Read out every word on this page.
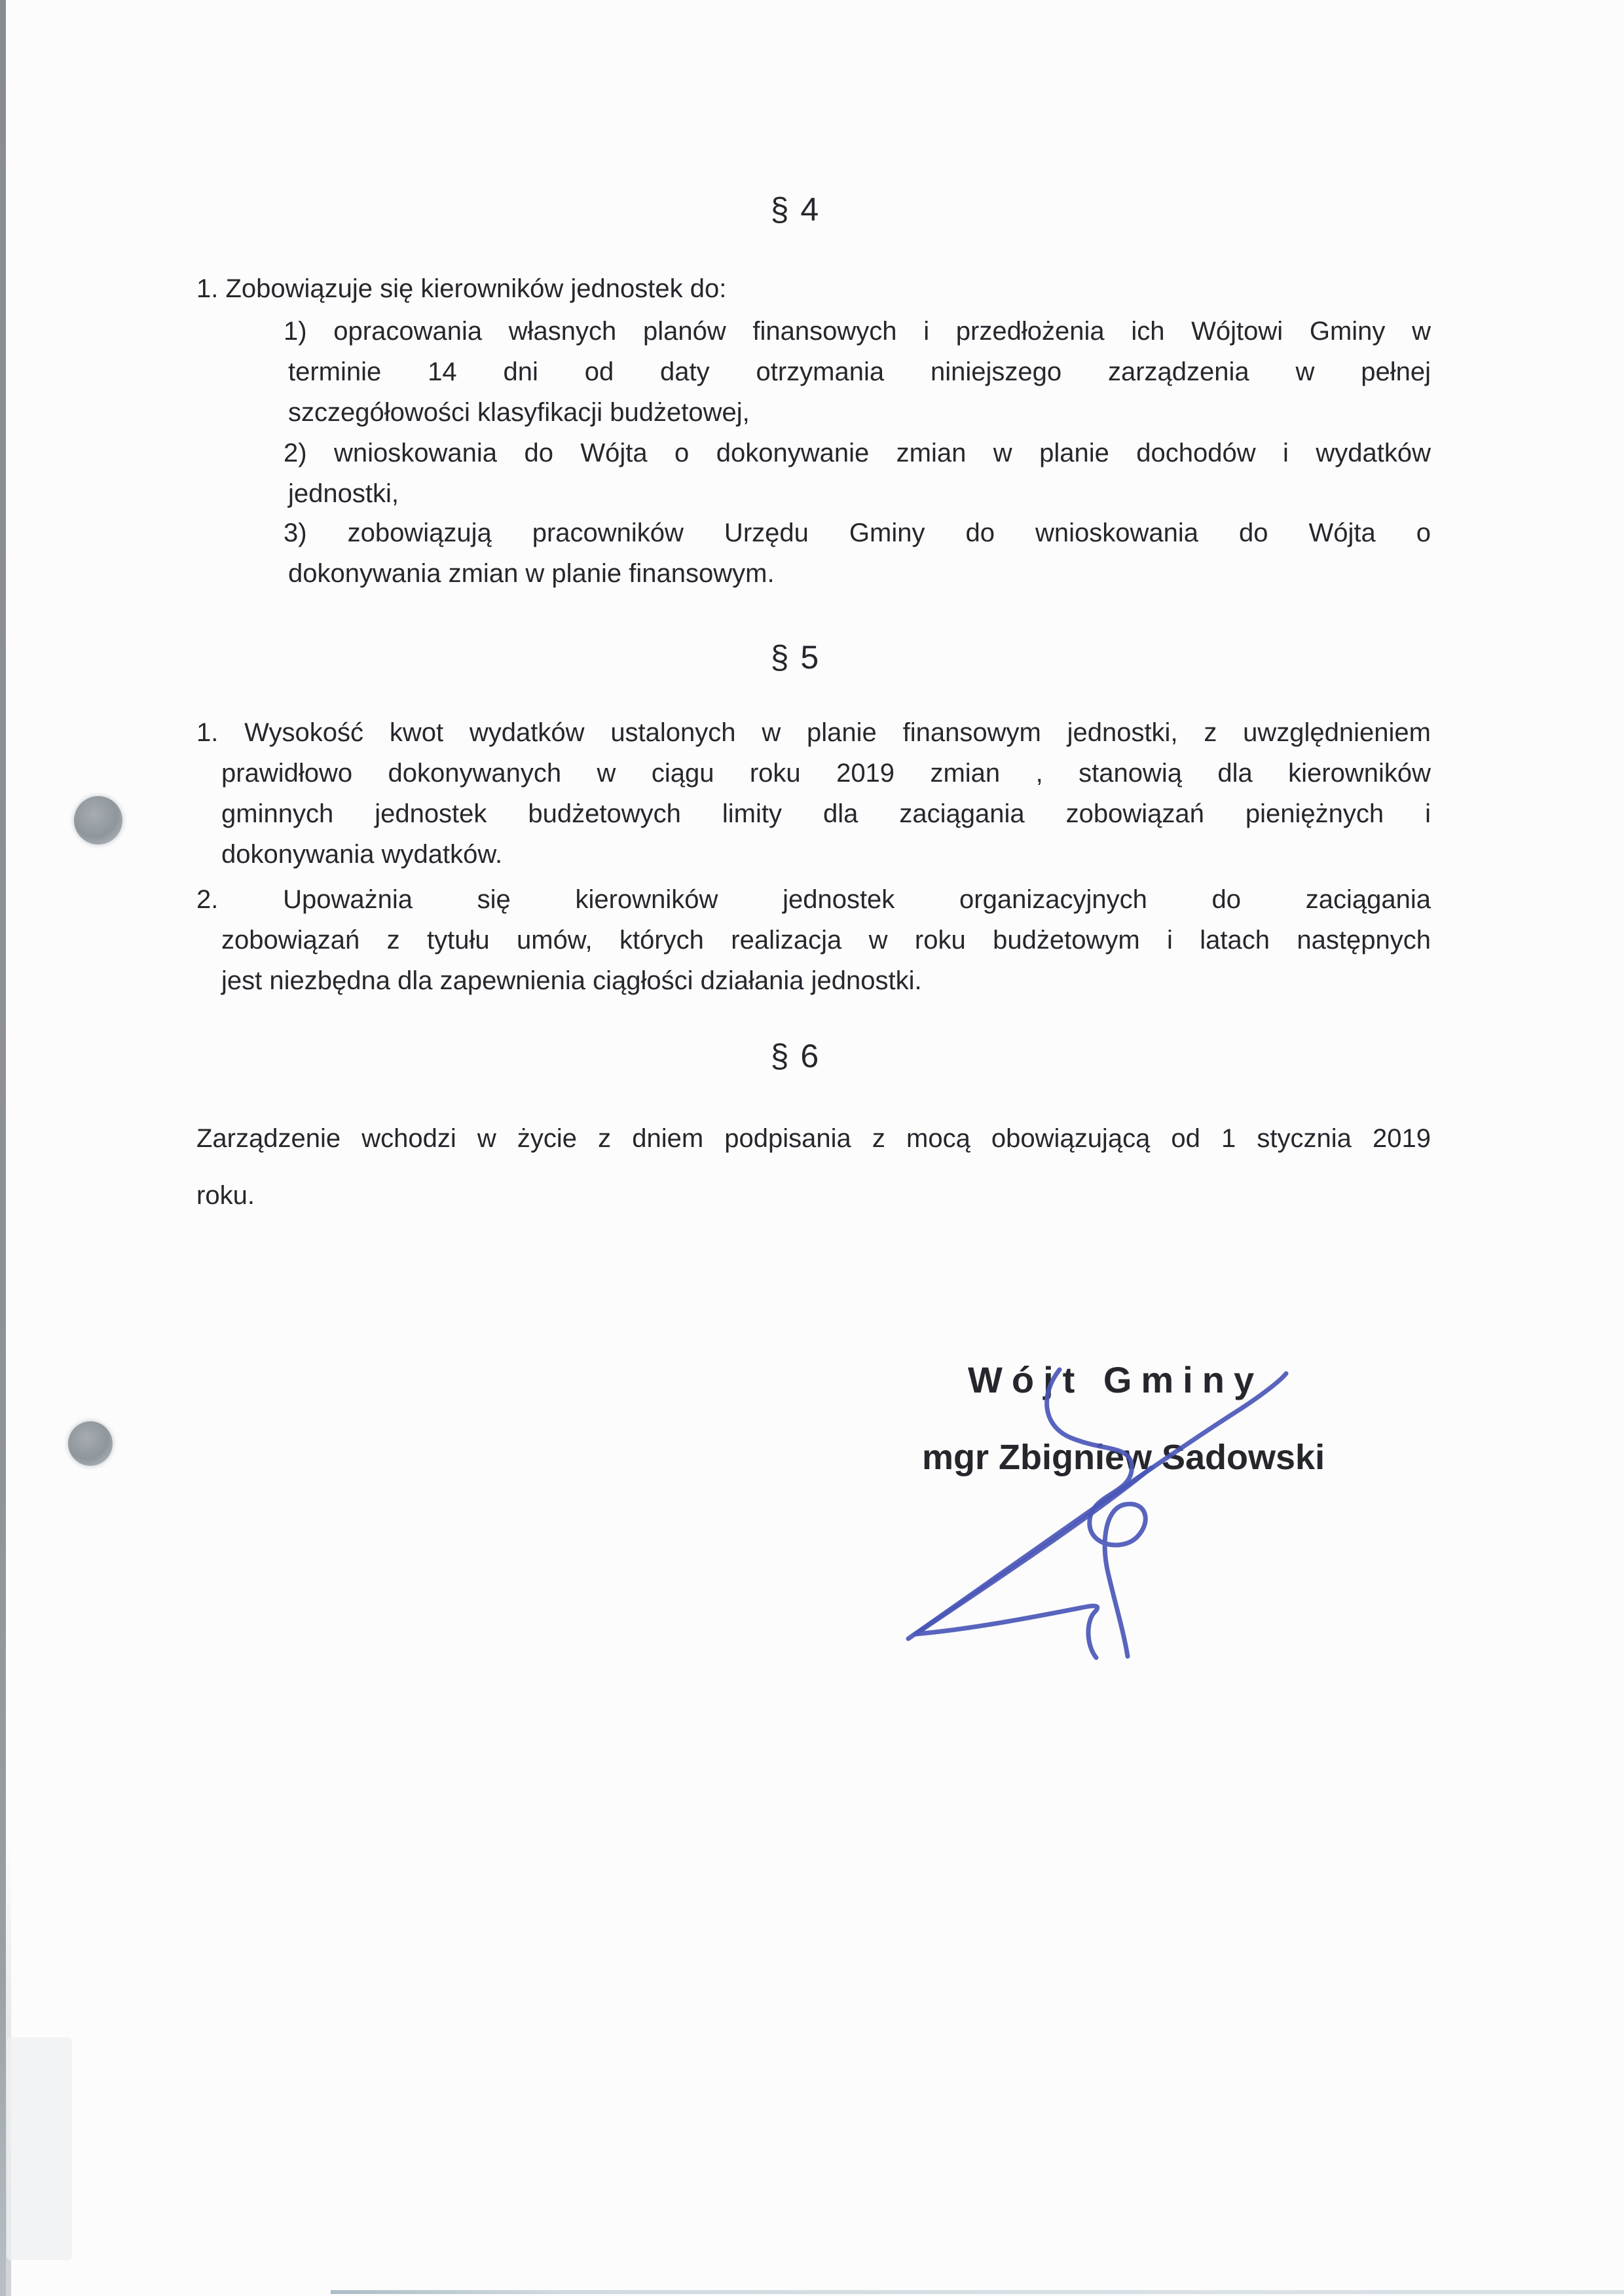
§ 4
1. Zobowiązuje się kierowników jednostek do:
1) opracowania własnych planów finansowych i przedłożenia ich Wójtowi Gminy w
terminie 14 dni od daty otrzymania niniejszego zarządzenia w pełnej
szczegółowości klasyfikacji budżetowej,
2) wnioskowania do Wójta o dokonywanie zmian w planie dochodów i wydatków
jednostki,
3) zobowiązują pracowników Urzędu Gminy do wnioskowania do Wójta o
dokonywania zmian w planie finansowym.
§ 5
1. Wysokość kwot wydatków ustalonych w planie finansowym jednostki, z uwzględnieniem
prawidłowo dokonywanych w ciągu roku 2019 zmian , stanowią dla kierowników
gminnych jednostek budżetowych limity dla zaciągania zobowiązań pieniężnych i
dokonywania wydatków.
2. Upoważnia się kierowników jednostek organizacyjnych do zaciągania
zobowiązań z tytułu umów, których realizacja w roku budżetowym i latach następnych
jest niezbędna dla zapewnienia ciągłości działania jednostki.
§ 6
Zarządzenie wchodzi w życie z dniem podpisania z mocą obowiązującą od 1 stycznia 2019
roku.
Wójt Gminy
mgr Zbigniew Sadowski
